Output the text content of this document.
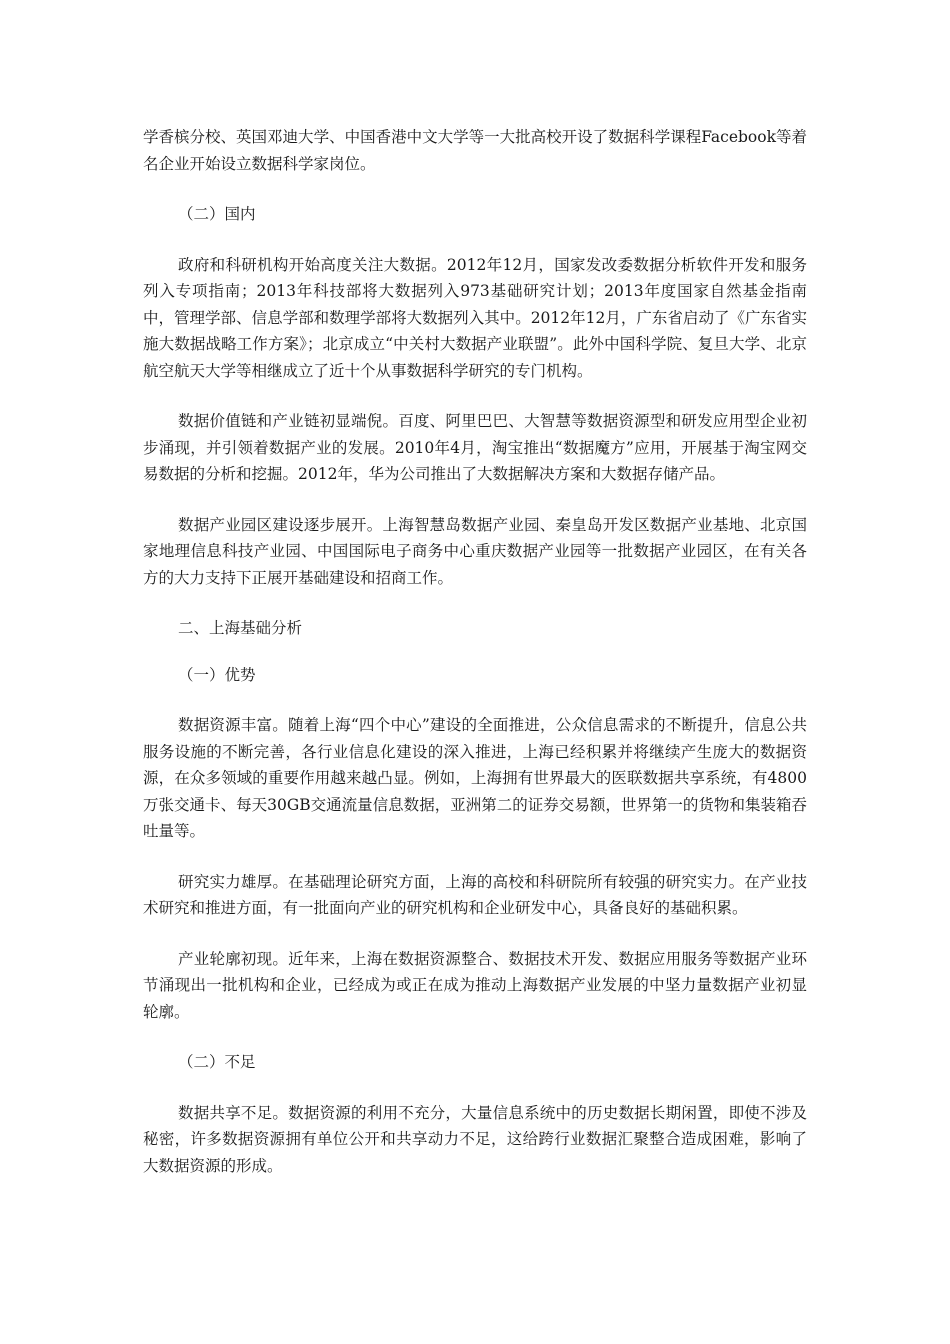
学香槟分校、英国邓迪大学、中国香港中文大学等一大批高校开设了数据科学课程Facebook等着名企业开始设立数据科学家岗位。

（二）国内

政府和科研机构开始高度关注大数据。2012年12月，国家发改委数据分析软件开发和服务列入专项指南；2013年科技部将大数据列入973基础研究计划；2013年度国家自然基金指南中，管理学部、信息学部和数理学部将大数据列入其中。2012年12月，广东省启动了《广东省实施大数据战略工作方案》；北京成立“中关村大数据产业联盟”。此外中国科学院、复旦大学、北京航空航天大学等相继成立了近十个从事数据科学研究的专门机构。

数据价值链和产业链初显端倪。百度、阿里巴巴、大智慧等数据资源型和研发应用型企业初步涌现，并引领着数据产业的发展。2010年4月，淘宝推出“数据魔方”应用，开展基于淘宝网交易数据的分析和挖掘。2012年，华为公司推出了大数据解决方案和大数据存储产品。

数据产业园区建设逐步展开。上海智慧岛数据产业园、秦皇岛开发区数据产业基地、北京国家地理信息科技产业园、中国国际电子商务中心重庆数据产业园等一批数据产业园区，在有关各方的大力支持下正展开基础建设和招商工作。

二、上海基础分析

（一）优势

数据资源丰富。随着上海“四个中心”建设的全面推进，公众信息需求的不断提升，信息公共服务设施的不断完善，各行业信息化建设的深入推进，上海已经积累并将继续产生庞大的数据资源，在众多领域的重要作用越来越凸显。例如，上海拥有世界最大的医联数据共享系统，有4800万张交通卡、每天30GB交通流量信息数据，亚洲第二的证券交易额，世界第一的货物和集装箱吞吐量等。

研究实力雄厚。在基础理论研究方面，上海的高校和科研院所有较强的研究实力。在产业技术研究和推进方面，有一批面向产业的研究机构和企业研发中心，具备良好的基础积累。

产业轮廓初现。近年来，上海在数据资源整合、数据技术开发、数据应用服务等数据产业环节涌现出一批机构和企业，已经成为或正在成为推动上海数据产业发展的中坚力量数据产业初显轮廓。

（二）不足

数据共享不足。数据资源的利用不充分，大量信息系统中的历史数据长期闲置，即使不涉及秘密，许多数据资源拥有单位公开和共享动力不足，这给跨行业数据汇聚整合造成困难，影响了大数据资源的形成。
